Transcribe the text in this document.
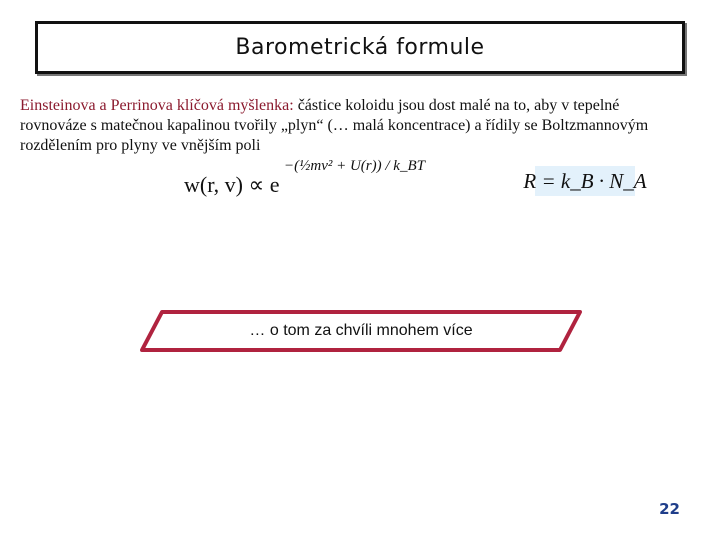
Barometrická formule
Einsteinova a Perrinova klíčová myšlenka: částice koloidu jsou dost malé na to, aby v tepelné rovnováze s matečnou kapalinou tvořily „plyn“ (… malá koncentrace) a řídily se Boltzmannovým rozdělením pro plyny ve vnějším poli
w(r, v) ∝ e
−(½mv² + U(r)) / k_BT
R = k_B · N_A
… o tom za chvíli mnohem více
22
